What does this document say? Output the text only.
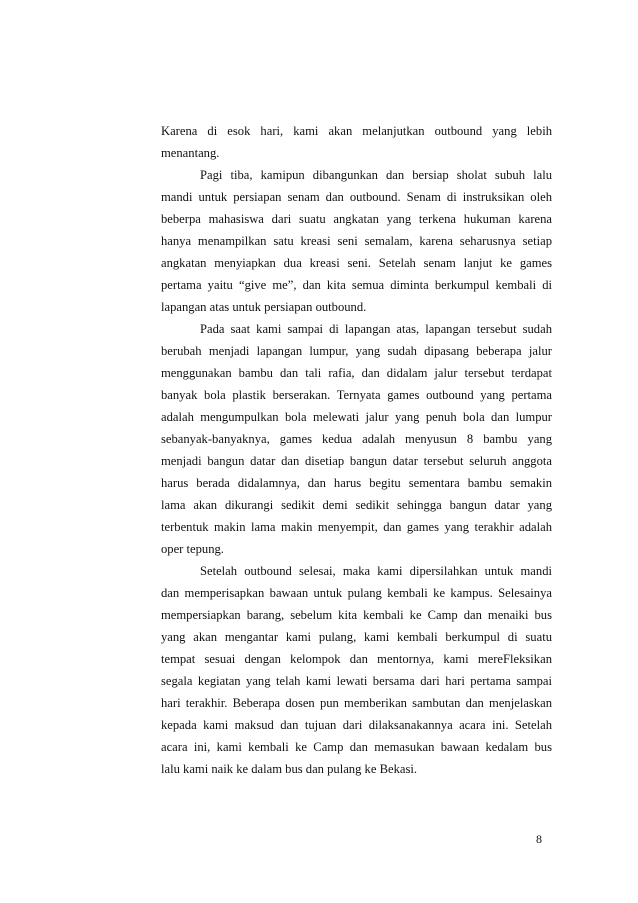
Karena di esok hari, kami akan melanjutkan outbound yang lebih
menantang.
Pagi tiba, kamipun dibangunkan dan bersiap sholat subuh lalu
mandi untuk persiapan senam dan outbound. Senam di instruksikan oleh
beberpa mahasiswa dari suatu angkatan yang terkena hukuman karena
hanya menampilkan satu kreasi seni semalam, karena seharusnya setiap
angkatan menyiapkan dua kreasi seni. Setelah senam lanjut ke games
pertama yaitu “give me”, dan kita semua diminta berkumpul kembali di
lapangan atas untuk persiapan outbound.
Pada saat kami sampai di lapangan atas, lapangan tersebut sudah
berubah menjadi lapangan lumpur, yang sudah dipasang beberapa jalur
menggunakan bambu dan tali rafia, dan didalam jalur tersebut terdapat
banyak bola plastik berserakan. Ternyata games outbound yang pertama
adalah mengumpulkan bola melewati jalur yang penuh bola dan lumpur
sebanyak-banyaknya, games kedua adalah menyusun 8 bambu yang
menjadi bangun datar dan disetiap bangun datar tersebut seluruh anggota
harus berada didalamnya, dan harus begitu sementara bambu semakin
lama akan dikurangi sedikit demi sedikit sehingga bangun datar yang
terbentuk makin lama makin menyempit, dan games yang terakhir adalah
oper tepung.
Setelah outbound selesai, maka kami dipersilahkan untuk mandi
dan memperisapkan bawaan untuk pulang kembali ke kampus. Selesainya
mempersiapkan barang, sebelum kita kembali ke Camp dan menaiki bus
yang akan mengantar kami pulang, kami kembali berkumpul di suatu
tempat sesuai dengan kelompok dan mentornya, kami mereFleksikan
segala kegiatan yang telah kami lewati bersama dari hari pertama sampai
hari terakhir. Beberapa dosen pun memberikan sambutan dan menjelaskan
kepada kami maksud dan tujuan dari dilaksanakannya acara ini. Setelah
acara ini, kami kembali ke Camp dan memasukan bawaan kedalam bus
lalu kami naik ke dalam bus dan pulang ke Bekasi.
8
